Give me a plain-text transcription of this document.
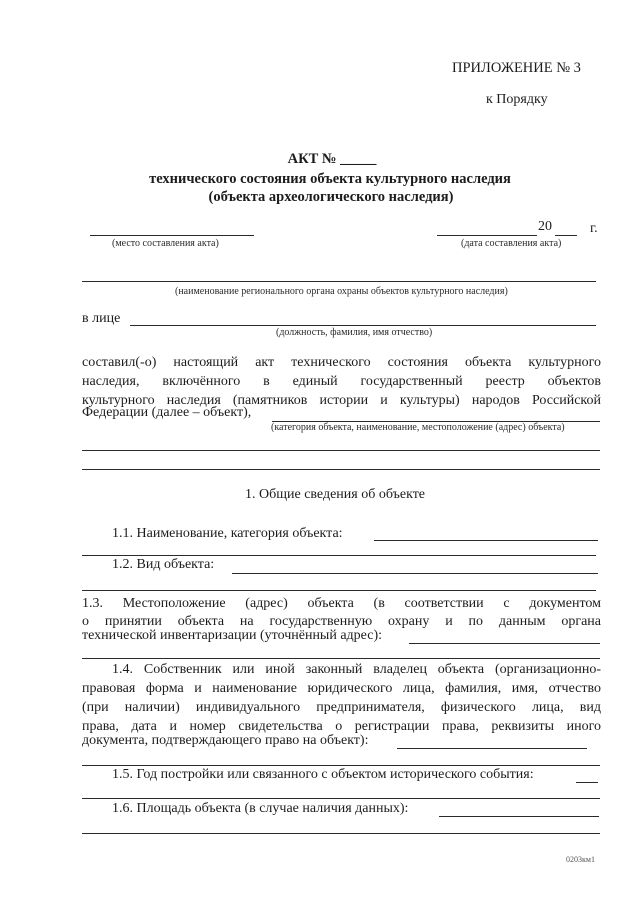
ПРИЛОЖЕНИЕ № 3
к Порядку
АКТ № _____
технического состояния объекта культурного наследия
(объекта археологического наследия)
20	г.
(место составления акта)	(дата составления акта)
(наименование регионального органа охраны объектов культурного наследия)
в лице
(должность, фамилия, имя отчество)
составил(-о) настоящий акт технического состояния объекта культурного
наследия, включённого в единый государственный реестр объектов
культурного наследия (памятников истории и культуры) народов Российской
Федерации (далее – объект),
(категория объекта, наименование, местоположение (адрес) объекта)
1. Общие сведения об объекте
1.1. Наименование, категория объекта:
1.2. Вид объекта:
1.3. Местоположение (адрес) объекта (в соответствии с документом
о принятии объекта на государственную охрану и по данным органа
технической инвентаризации (уточнённый адрес):
1.4. Собственник или иной законный владелец объекта (организационно-
правовая форма и наименование юридического лица, фамилия, имя, отчество
(при наличии) индивидуального предпринимателя, физического лица, вид
права, дата и номер свидетельства о регистрации права, реквизиты иного
документа, подтверждающего право на объект):
1.5. Год постройки или связанного с объектом исторического события:
1.6. Площадь объекта (в случае наличия данных):
0203км1
